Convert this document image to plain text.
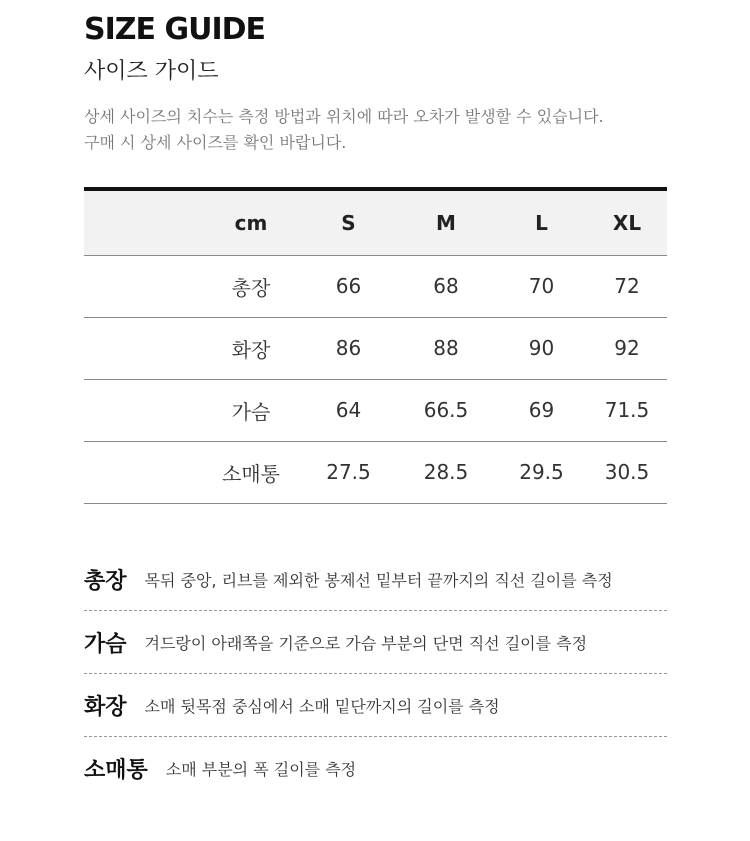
SIZE GUIDE
사이즈 가이드
상세 사이즈의 치수는 측정 방법과 위치에 따라 오차가 발생할 수 있습니다.
구매 시 상세 사이즈를 확인 바랍니다.
	cm	S	M	L	XL
	총장	66	68	70	72
	화장	86	88	90	92
	가슴	64	66.5	69	71.5
	소매통	27.5	28.5	29.5	30.5
총장 목뒤 중앙, 리브를 제외한 봉제선 밑부터 끝까지의 직선 길이를 측정
가슴 겨드랑이 아래쪽을 기준으로 가슴 부분의 단면 직선 길이를 측정
화장 소매 뒷목점 중심에서 소매 밑단까지의 길이를 측정
소매통 소매 부분의 폭 길이를 측정
